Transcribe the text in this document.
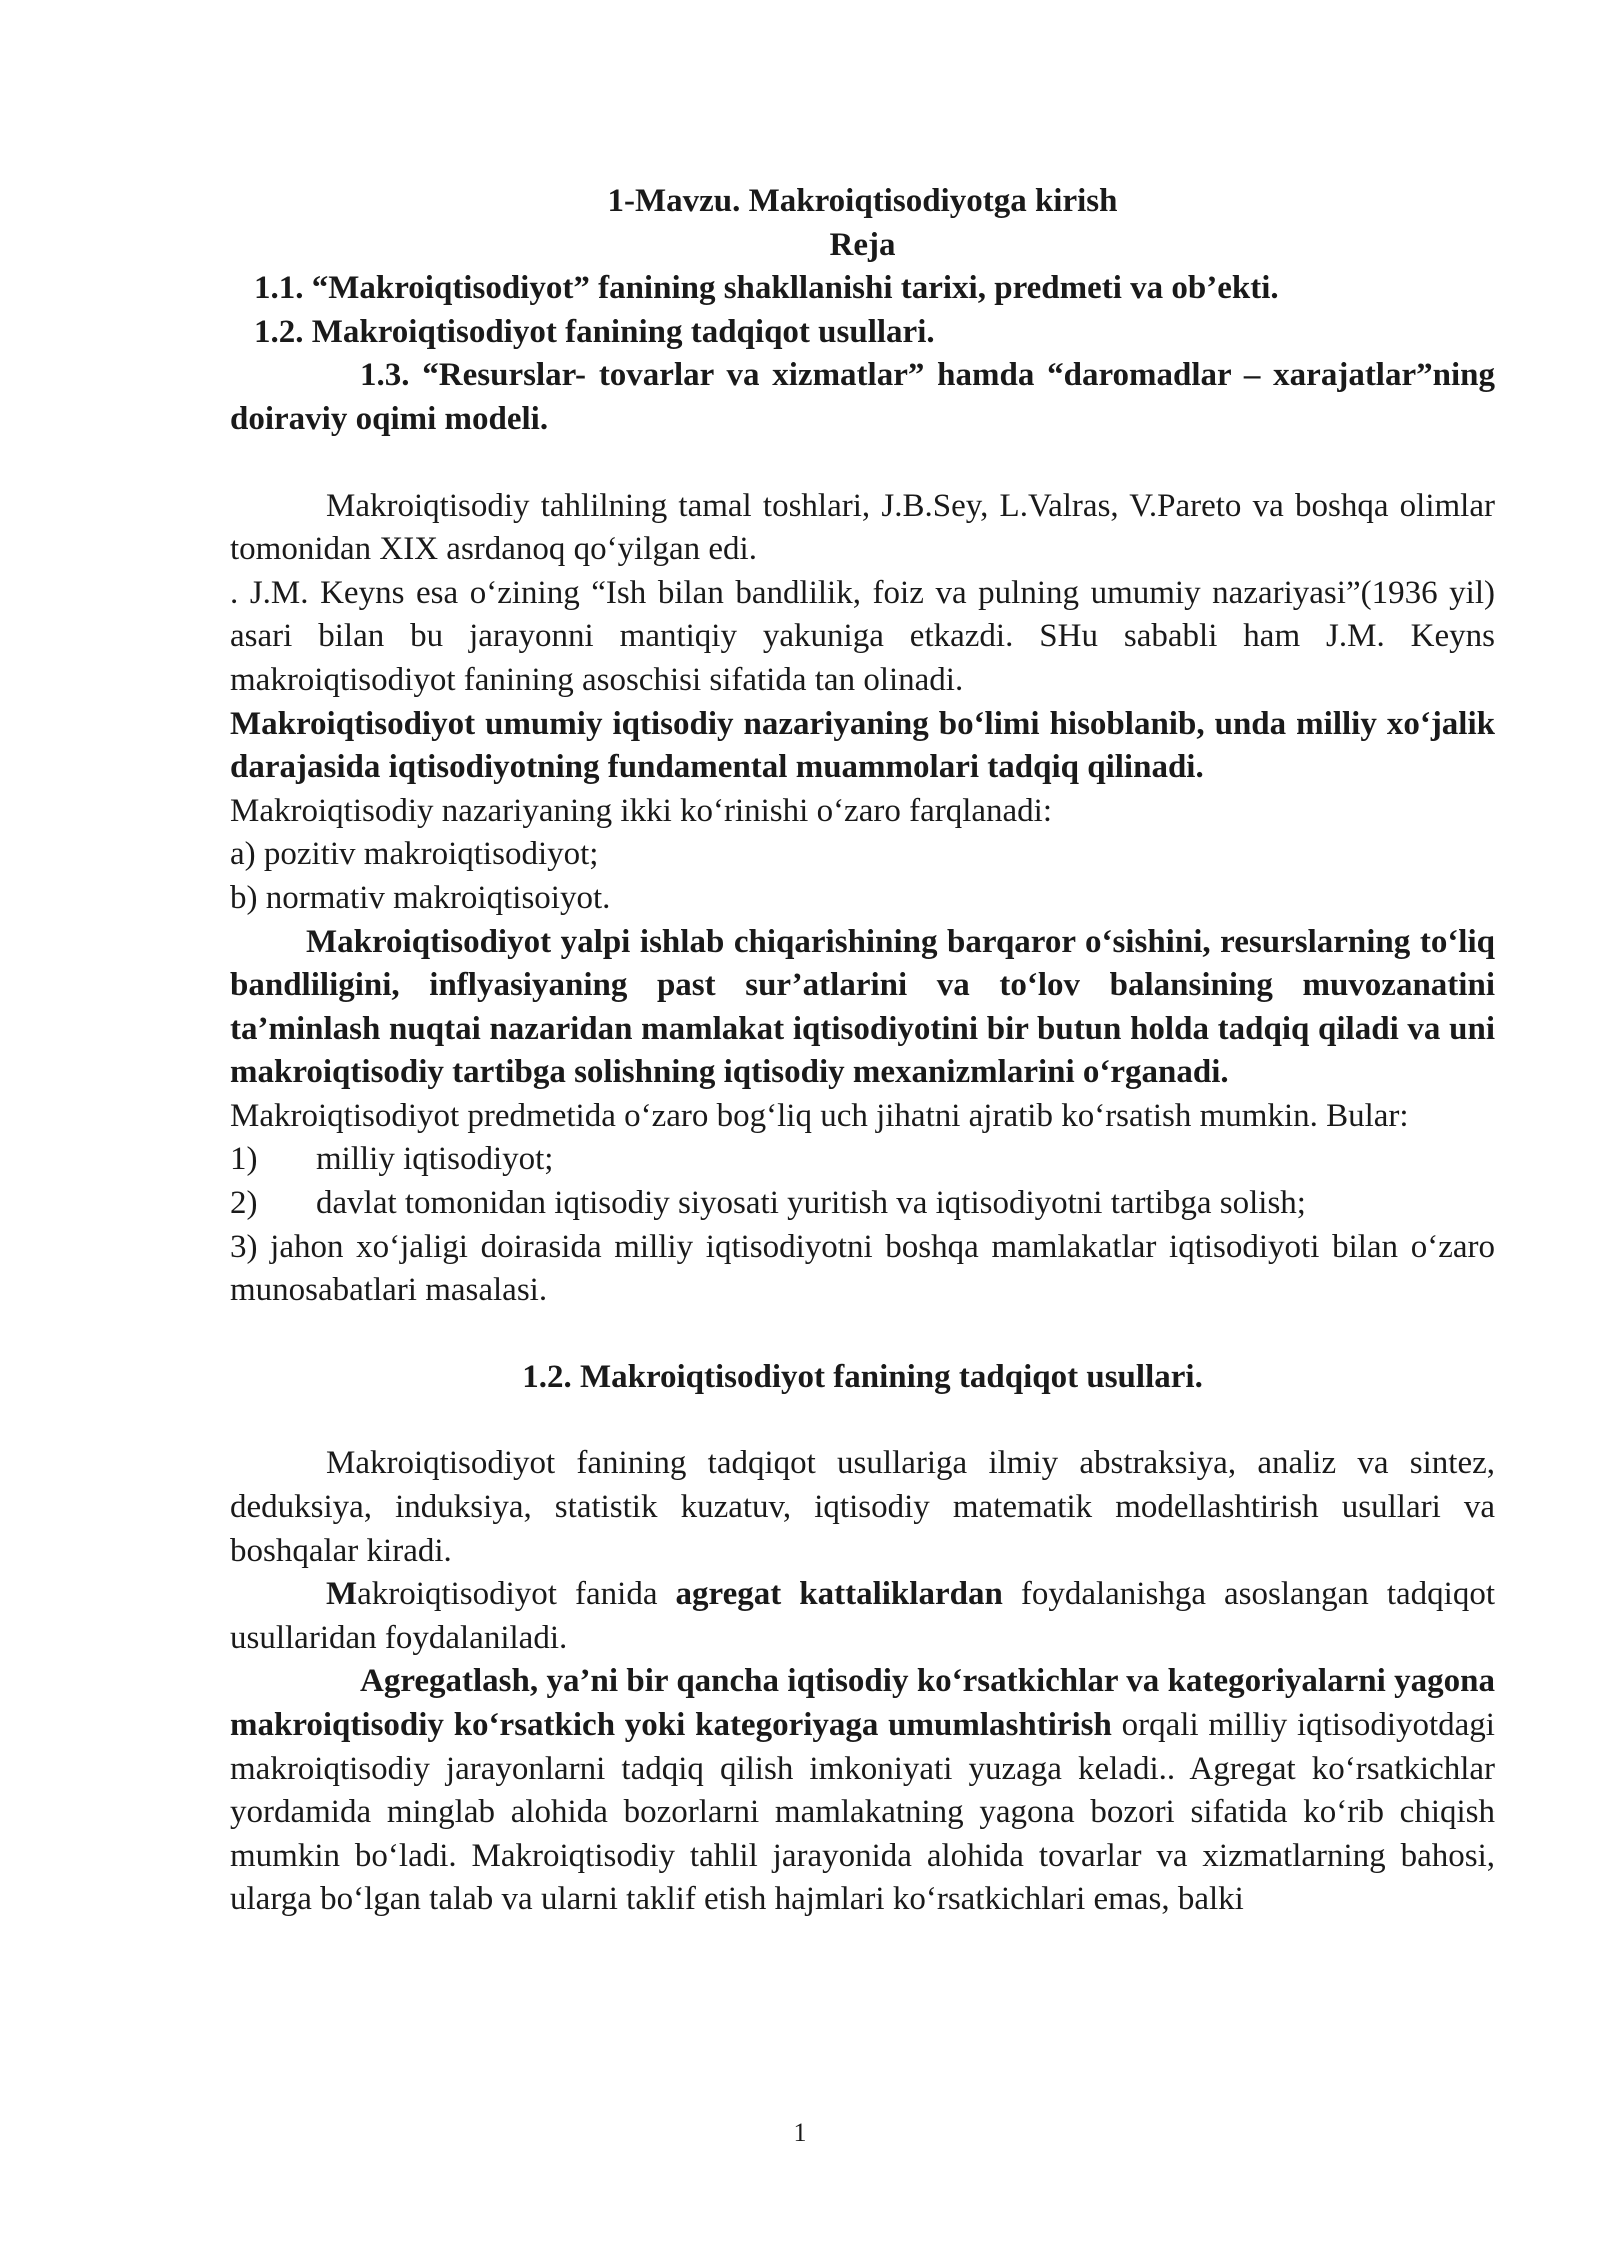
1-Mavzu. Makroiqtisodiyotga kirish

Reja

1.1. “Makroiqtisodiyot” fanining shakllanishi tarixi, predmeti va ob’ekti.

1.2. Makroiqtisodiyot fanining tadqiqot usullari.

1.3. “Resurslar- tovarlar va xizmatlar” hamda “daromadlar – xarajatlar”ning doiraviy oqimi modeli.

Makroiqtisodiy tahlilning tamal toshlari, J.B.Sey, L.Valras, V.Pareto va boshqa olimlar tomonidan XIX asrdanoq qoʻyilgan edi.

. J.M. Keyns esa oʻzining “Ish bilan bandlilik, foiz va pulning umumiy nazariyasi”(1936 yil) asari bilan bu jarayonni mantiqiy yakuniga etkazdi. SHu sababli ham J.M. Keyns makroiqtisodiyot fanining asoschisi sifatida tan olinadi.

Makroiqtisodiyot umumiy iqtisodiy nazariyaning boʻlimi hisoblanib, unda milliy xoʻjalik darajasida iqtisodiyotning fundamental muammolari tadqiq qilinadi.

Makroiqtisodiy nazariyaning ikki koʻrinishi oʻzaro farqlanadi:

a) pozitiv makroiqtisodiyot;

b) normativ makroiqtisoiyot.

Makroiqtisodiyot yalpi ishlab chiqarishining barqaror oʻsishini, resurslarning toʻliq bandliligini, inflyasiyaning past sur’atlarini va toʻlov balansining muvozanatini ta’minlash nuqtai nazaridan mamlakat iqtisodiyotini bir butun holda tadqiq qiladi va uni makroiqtisodiy tartibga solishning iqtisodiy mexanizmlarini oʻrganadi.

Makroiqtisodiyot predmetida oʻzaro bogʻliq uch jihatni ajratib koʻrsatish mumkin. Bular:

1) milliy iqtisodiyot;

2) davlat tomonidan iqtisodiy siyosati yuritish va iqtisodiyotni tartibga solish;

3) jahon xoʻjaligi doirasida milliy iqtisodiyotni boshqa mamlakatlar iqtisodiyoti bilan oʻzaro munosabatlari masalasi.

1.2. Makroiqtisodiyot fanining tadqiqot usullari.

Makroiqtisodiyot fanining tadqiqot usullariga ilmiy abstraksiya, analiz va sintez, deduksiya, induksiya, statistik kuzatuv, iqtisodiy matematik modellashtirish usullari va boshqalar kiradi.

Makroiqtisodiyot fanida agregat kattaliklardan foydalanishga asoslangan tadqiqot usullaridan foydalaniladi.

Agregatlash, ya’ni bir qancha iqtisodiy koʻrsatkichlar va kategoriyalarni yagona makroiqtisodiy koʻrsatkich yoki kategoriyaga umumlashtirish orqali milliy iqtisodiyotdagi makroiqtisodiy jarayonlarni tadqiq qilish imkoniyati yuzaga keladi.. Agregat koʻrsatkichlar yordamida minglab alohida bozorlarni mamlakatning yagona bozori sifatida koʻrib chiqish mumkin boʻladi. Makroiqtisodiy tahlil jarayonida alohida tovarlar va xizmatlarning bahosi, ularga boʻlgan talab va ularni taklif etish hajmlari koʻrsatkichlari emas, balki

1
